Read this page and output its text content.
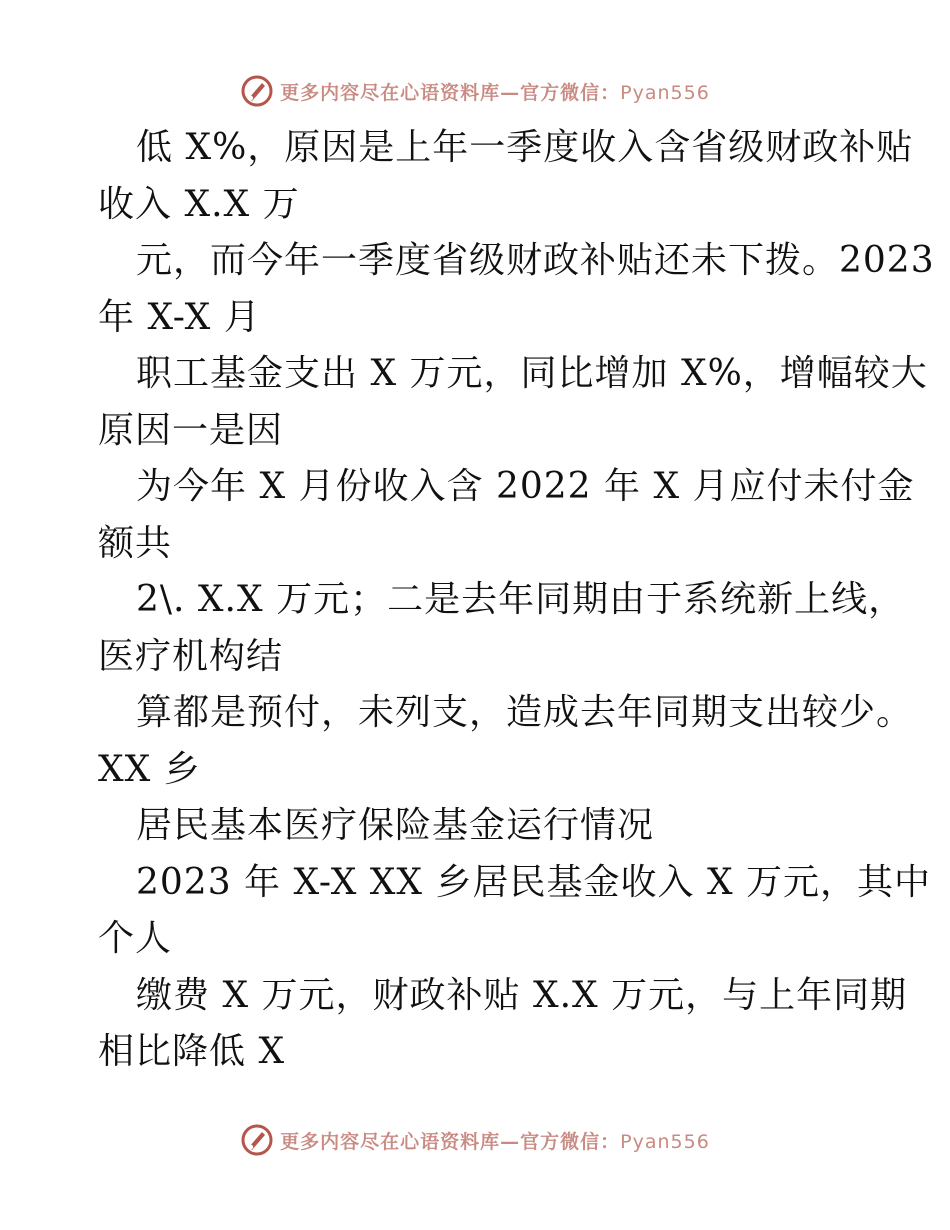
更多内容尽在心语资料库—官方微信：Pyan556
低 X%，原因是上年一季度收入含省级财政补贴
收入 X.X 万
元，而今年一季度省级财政补贴还未下拨。2023
年 X-X 月
职工基金支出 X 万元，同比增加 X%，增幅较大
原因一是因
为今年 X 月份收入含 2022 年 X 月应付未付金
额共
2\. X.X 万元；二是去年同期由于系统新上线，
医疗机构结
算都是预付，未列支，造成去年同期支出较少。
XX 乡
居民基本医疗保险基金运行情况
2023 年 X-X XX 乡居民基金收入 X 万元，其中
个人
缴费 X 万元，财政补贴 X.X 万元，与上年同期
相比降低 X
更多内容尽在心语资料库—官方微信：Pyan556
